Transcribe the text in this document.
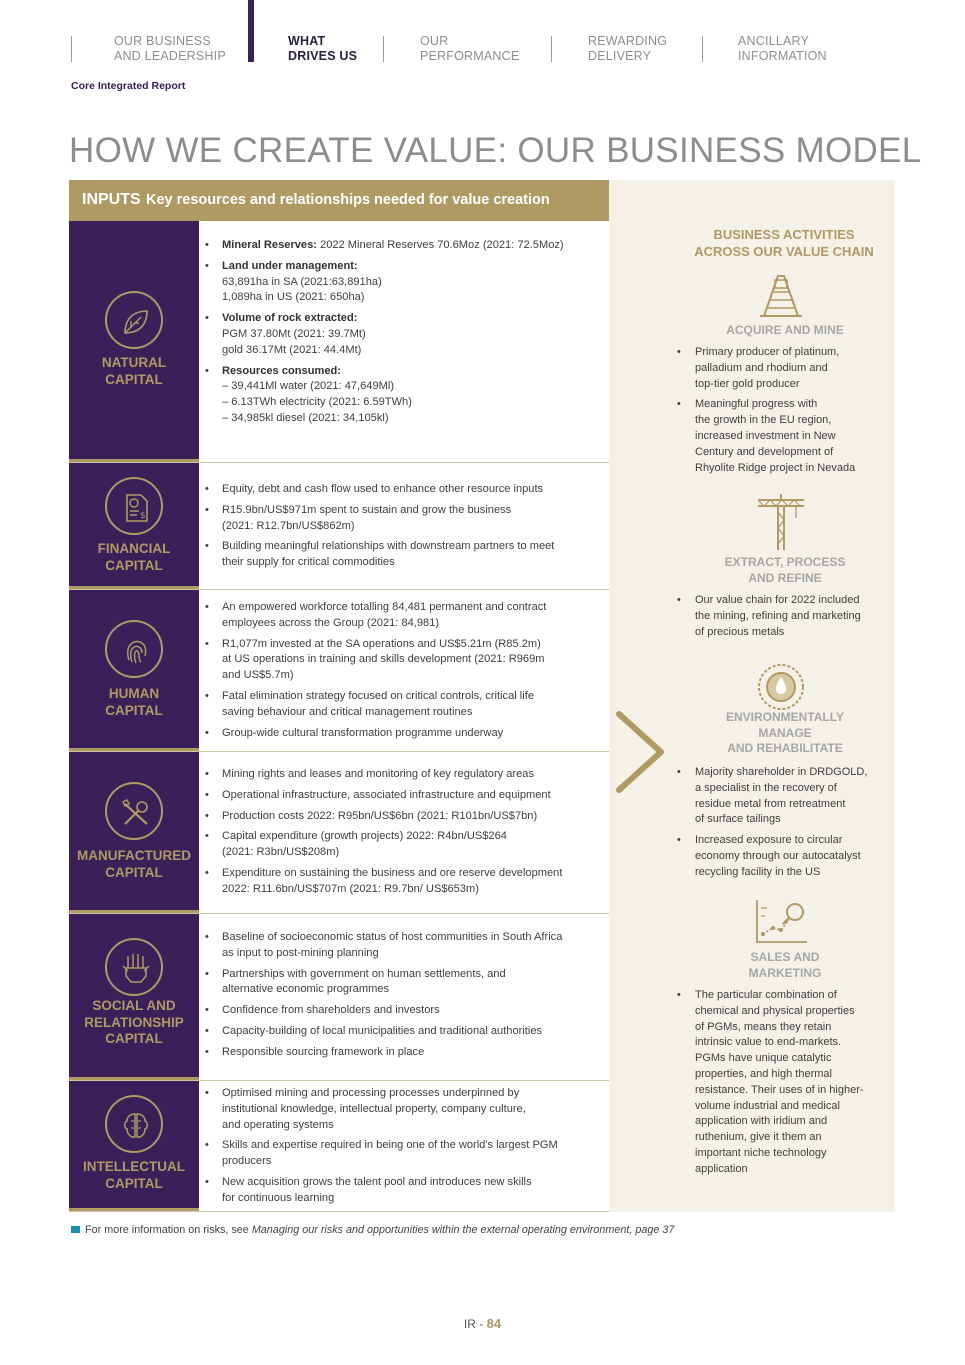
OUR BUSINESS
AND LEADERSHIP
WHAT
DRIVES US
OUR
PERFORMANCE
REWARDING
DELIVERY
ANCILLARY
INFORMATION
Core Integrated Report
HOW WE CREATE VALUE: OUR BUSINESS MODEL
INPUTS Key resources and relationships needed for value creation
NATURAL
CAPITAL
• Mineral Reserves: 2022 Mineral Reserves 70.6Moz (2021: 72.5Moz)
• Land under management:
63,891ha in SA (2021:63,891ha)
1,089ha in US (2021: 650ha)
• Volume of rock extracted:
PGM 37.80Mt (2021: 39.7Mt)
gold 36.17Mt (2021: 44.4Mt)
• Resources consumed:
– 39,441Ml water (2021: 47,649Ml)
– 6.13TWh electricity (2021: 6.59TWh)
– 34,985kl diesel (2021: 34,105kl)
$
FINANCIAL
CAPITAL
• Equity, debt and cash flow used to enhance other resource inputs
• R15.9bn/US$971m spent to sustain and grow the business
(2021: R12.7bn/US$862m)
• Building meaningful relationships with downstream partners to meet
their supply for critical commodities
HUMAN
CAPITAL
• An empowered workforce totalling 84,481 permanent and contract
employees across the Group (2021: 84,981)
• R1,077m invested at the SA operations and US$5.21m (R85.2m)
at US operations in training and skills development (2021: R969m
and US$5.7m)
• Fatal elimination strategy focused on critical controls, critical life
saving behaviour and critical management routines
• Group-wide cultural transformation programme underway
MANUFACTURED
CAPITAL
• Mining rights and leases and monitoring of key regulatory areas
• Operational infrastructure, associated infrastructure and equipment
• Production costs 2022: R95bn/US$6bn (2021: R101bn/US$7bn)
• Capital expenditure (growth projects) 2022: R4bn/US$264
(2021: R3bn/US$208m)
• Expenditure on sustaining the business and ore reserve development
2022: R11.6bn/US$707m (2021: R9.7bn/ US$653m)
SOCIAL AND
RELATIONSHIP
CAPITAL
• Baseline of socioeconomic status of host communities in South Africa
as input to post-mining planning
• Partnerships with government on human settlements, and
alternative economic programmes
• Confidence from shareholders and investors
• Capacity-building of local municipalities and traditional authorities
• Responsible sourcing framework in place
INTELLECTUAL
CAPITAL
• Optimised mining and processing processes underpinned by
institutional knowledge, intellectual property, company culture,
and operating systems
• Skills and expertise required in being one of the world's largest PGM
producers
• New acquisition grows the talent pool and introduces new skills
for continuous learning
BUSINESS ACTIVITIES
ACROSS OUR VALUE CHAIN
ACQUIRE AND MINE
• Primary producer of platinum,
palladium and rhodium and
top-tier gold producer
• Meaningful progress with
the growth in the EU region,
increased investment in New
Century and development of
Rhyolite Ridge project in Nevada
EXTRACT, PROCESS
AND REFINE
• Our value chain for 2022 included
the mining, refining and marketing
of precious metals
ENVIRONMENTALLY
MANAGE
AND REHABILITATE
• Majority shareholder in DRDGOLD,
a specialist in the recovery of
residue metal from retreatment
of surface tailings
• Increased exposure to circular
economy through our autocatalyst
recycling facility in the US
SALES AND
MARKETING
• The particular combination of
chemical and physical properties
of PGMs, means they retain
intrinsic value to end-markets.
PGMs have unique catalytic
properties, and high thermal
resistance. Their uses of in higher-
volume industrial and medical
application with iridium and
ruthenium, give it them an
important niche technology
application
For more information on risks, see Managing our risks and opportunities within the external operating environment, page 37
IR - 84
